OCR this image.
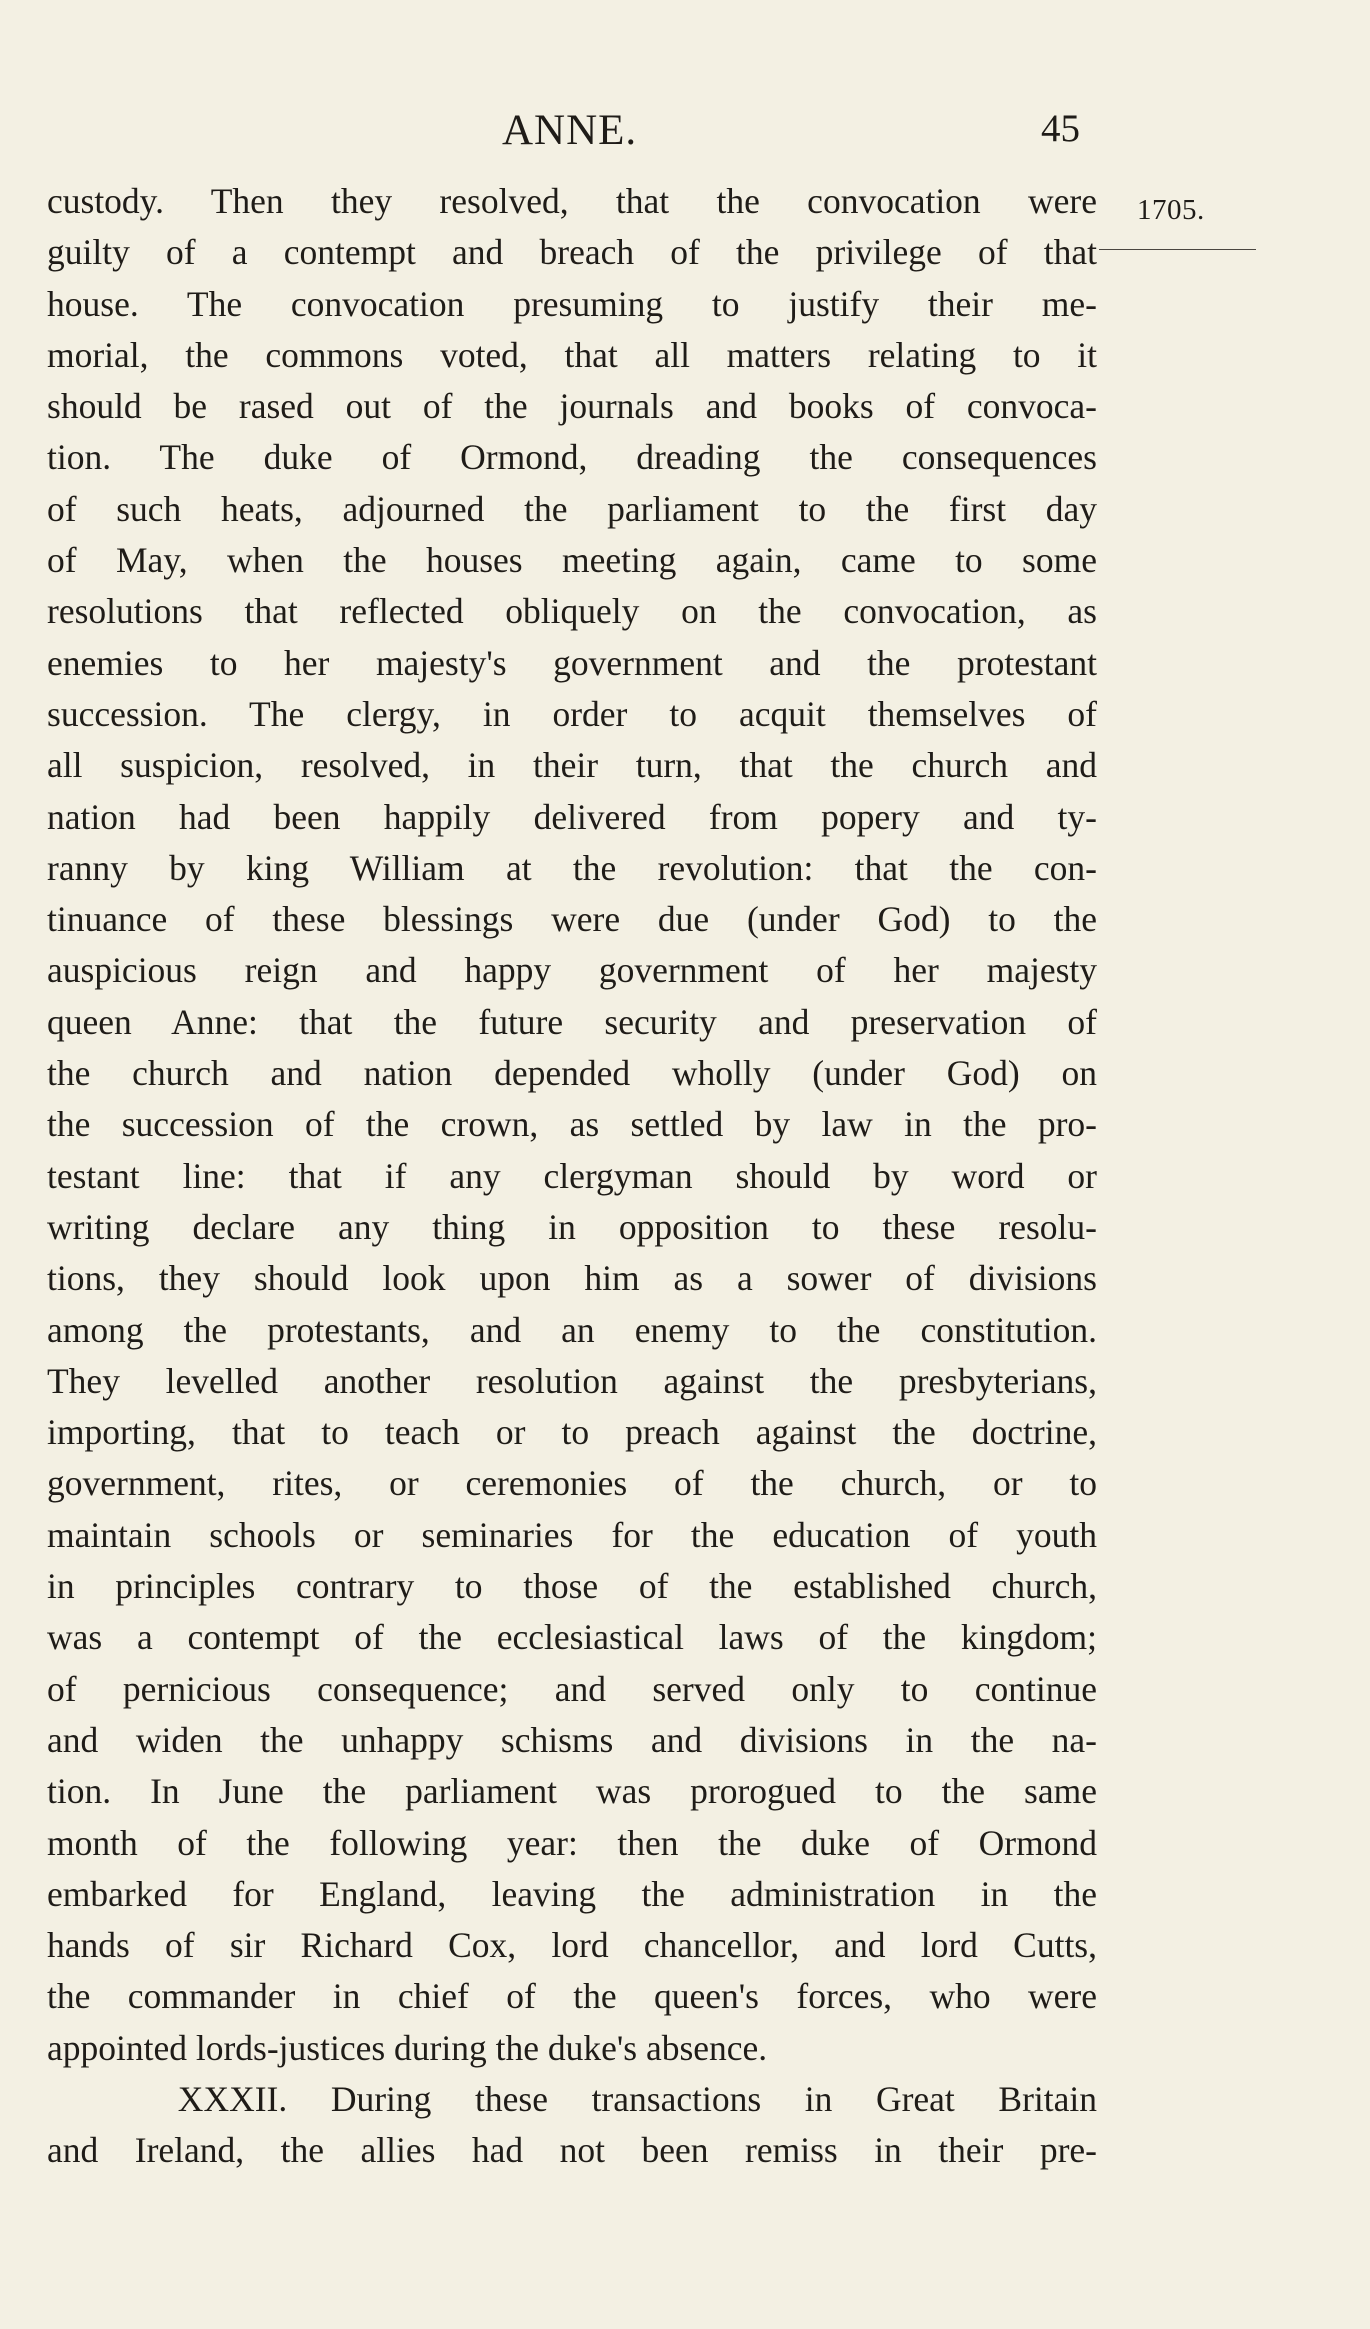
ANNE.	45
1705.
custody. Then they resolved, that the convocation were
guilty of a contempt and breach of the privilege of that
house. The convocation presuming to justify their me-
morial, the commons voted, that all matters relating to it
should be rased out of the journals and books of convoca-
tion. The duke of Ormond, dreading the consequences
of such heats, adjourned the parliament to the first day
of May, when the houses meeting again, came to some
resolutions that reflected obliquely on the convocation, as
enemies to her majesty's government and the protestant
succession. The clergy, in order to acquit themselves of
all suspicion, resolved, in their turn, that the church and
nation had been happily delivered from popery and ty-
ranny by king William at the revolution: that the con-
tinuance of these blessings were due (under God) to the
auspicious reign and happy government of her majesty
queen Anne: that the future security and preservation of
the church and nation depended wholly (under God) on
the succession of the crown, as settled by law in the pro-
testant line: that if any clergyman should by word or
writing declare any thing in opposition to these resolu-
tions, they should look upon him as a sower of divisions
among the protestants, and an enemy to the constitution.
They levelled another resolution against the presbyterians,
importing, that to teach or to preach against the doctrine,
government, rites, or ceremonies of the church, or to
maintain schools or seminaries for the education of youth
in principles contrary to those of the established church,
was a contempt of the ecclesiastical laws of the kingdom;
of pernicious consequence; and served only to continue
and widen the unhappy schisms and divisions in the na-
tion. In June the parliament was prorogued to the same
month of the following year: then the duke of Ormond
embarked for England, leaving the administration in the
hands of sir Richard Cox, lord chancellor, and lord Cutts,
the commander in chief of the queen's forces, who were
appointed lords-justices during the duke's absence.
XXXII. During these transactions in Great Britain
and Ireland, the allies had not been remiss in their pre-
